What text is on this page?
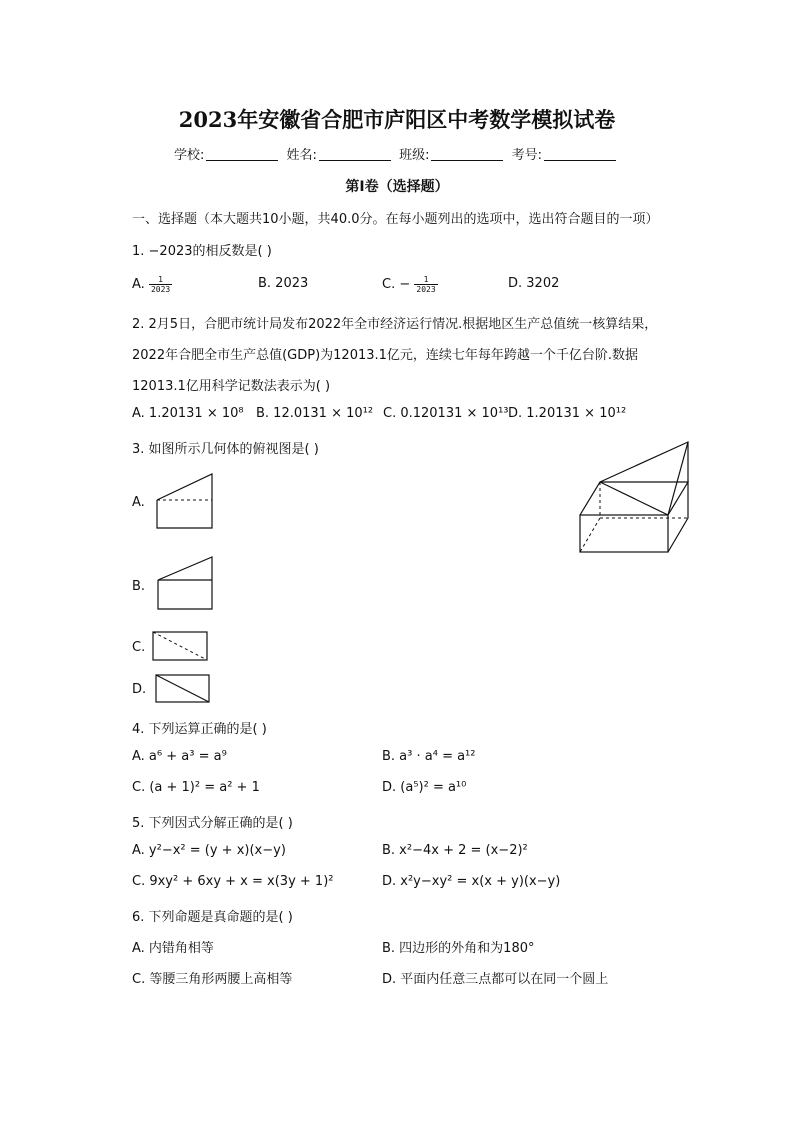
2023年安徽省合肥市庐阳区中考数学模拟试卷
学校:	姓名:	班级:	考号:
第I卷（选择题）
一、选择题（本大题共10小题，共40.0分。在每小题列出的选项中，选出符合题目的一项）
1. −2023的相反数是( )
A. $\frac{1}{2023}$	B. 2023	C. − $\frac{1}{2023}$	D. 3202
2. 2月5日，合肥市统计局发布2022年全市经济运行情况.根据地区生产总值统一核算结果，
2022年合肥全市生产总值(GDP)为12013.1亿元，连续七年每年跨越一个千亿台阶.数据
12013.1亿用科学记数法表示为( )
A. 1.20131 × 10⁸ B. 12.0131 × 10¹² C. 0.120131 × 10¹³ D. 1.20131 × 10¹²
3. 如图所示几何体的俯视图是( )
A.
B.
C.
D.
4. 下列运算正确的是( )
A. a⁶ + a³ = a⁹	B. a³ · a⁴ = a¹²
C. (a + 1)² = a² + 1	D. (a⁵)² = a¹⁰
5. 下列因式分解正确的是( )
A. y²−x² = (y + x)(x−y)	B. x²−4x + 2 = (x−2)²
C. 9xy² + 6xy + x = x(3y + 1)²	D. x²y−xy² = x(x + y)(x−y)
6. 下列命题是真命题的是( )
A. 内错角相等	B. 四边形的外角和为180°
C. 等腰三角形两腰上高相等	D. 平面内任意三点都可以在同一个圆上
